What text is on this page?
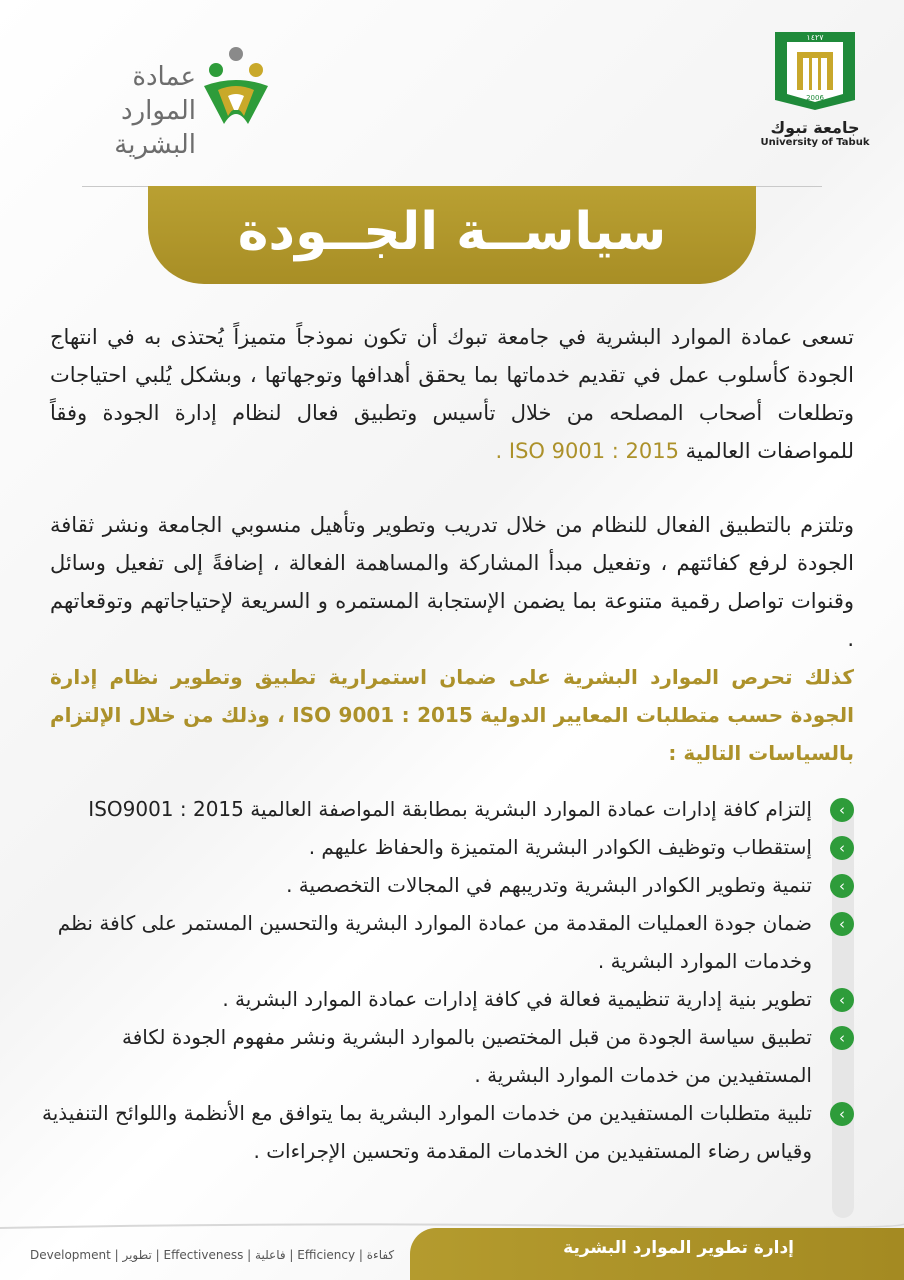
عمادة
الموارد البشرية
١٤٢٧
2006
جامعة تبوك
University of Tabuk
سياســة الجــودة

تسعى عمادة الموارد البشرية في جامعة تبوك أن تكون نموذجاً متميزاً يُحتذى به في انتهاج الجودة كأسلوب عمل في تقديم خدماتها بما يحقق أهدافها وتوجهاتها ، وبشكل يُلبي احتياجات وتطلعات أصحاب المصلحه من خلال تأسيس وتطبيق فعال لنظام إدارة الجودة وفقاً للمواصفات العالمية ISO 9001 : 2015 .

وتلتزم بالتطبيق الفعال للنظام من خلال تدريب وتطوير وتأهيل منسوبي الجامعة ونشر ثقافة الجودة لرفع كفائتهم ، وتفعيل مبدأ المشاركة والمساهمة الفعالة ، إضافةً إلى تفعيل وسائل وقنوات تواصل رقمية متنوعة بما يضمن الإستجابة المستمره و السريعة لإحتياجاتهم وتوقعاتهم .

كذلك تحرص الموارد البشرية على ضمان استمرارية تطبيق وتطوير نظام إدارة الجودة حسب متطلبات المعايير الدولية ISO 9001 : 2015 ، وذلك من خلال الإلتزام بالسياسات التالية :

›
إلتزام كافة إدارات عمادة الموارد البشرية بمطابقة المواصفة العالمية ISO9001 : 2015
›
إستقطاب وتوظيف الكوادر البشرية المتميزة والحفاظ عليهم .
›
تنمية وتطوير الكوادر البشرية وتدريبهم في المجالات التخصصية .
›
ضمان جودة العمليات المقدمة من عمادة الموارد البشرية والتحسين المستمر على كافة نظم وخدمات الموارد البشرية .
›
تطوير بنية إدارية تنظيمية فعالة في كافة إدارات عمادة الموارد البشرية .
›
تطبيق سياسة الجودة من قبل المختصين بالموارد البشرية ونشر مفهوم الجودة لكافة المستفيدين من خدمات الموارد البشرية .
›
تلبية متطلبات المستفيدين من خدمات الموارد البشرية بما يتوافق مع الأنظمة واللوائح التنفيذية وقياس رضاء المستفيدين من الخدمات المقدمة وتحسين الإجراءات .
Development | تطوير | Effectiveness | فاعلية | Efficiency | كفاءة	إدارة تطوير الموارد البشرية
